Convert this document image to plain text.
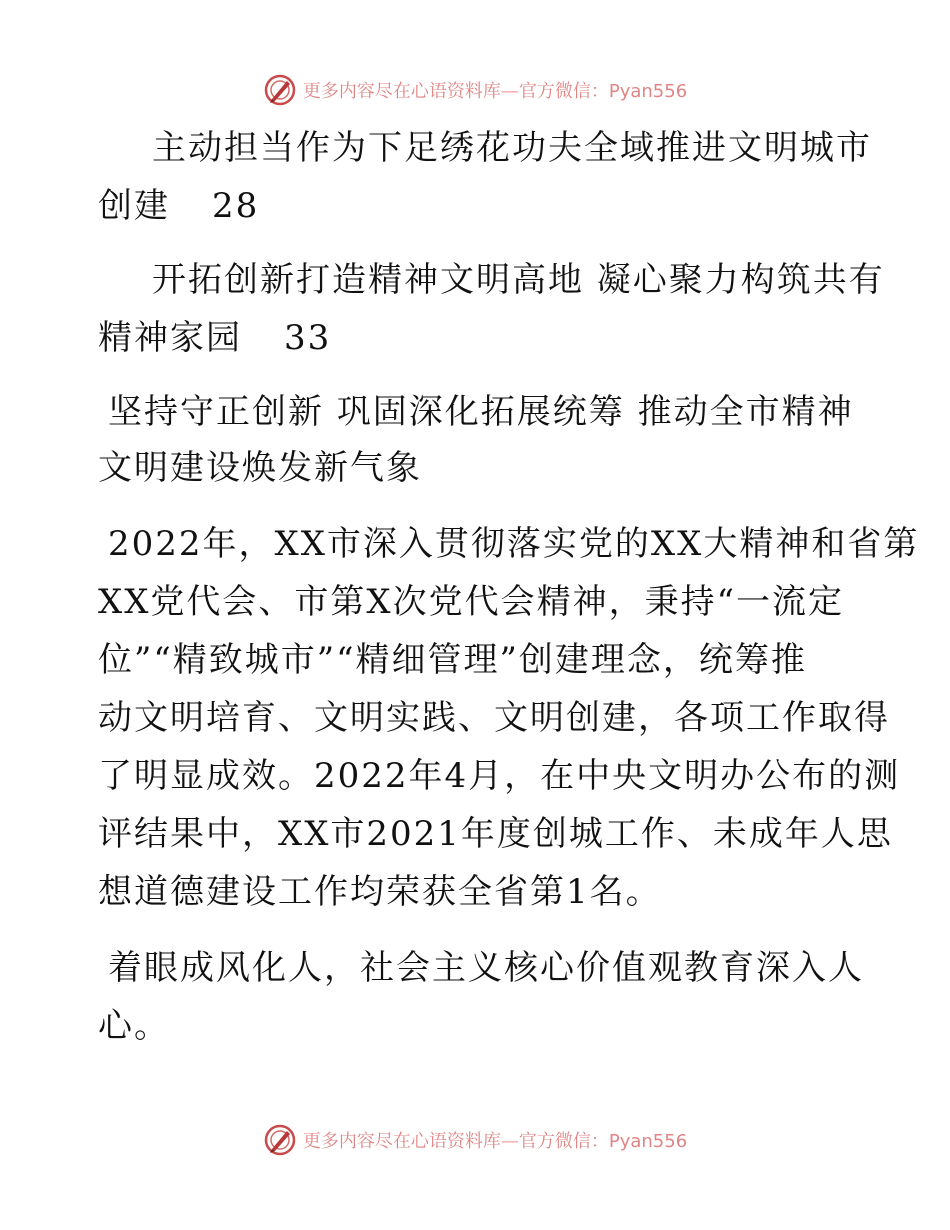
更多内容尽在心语资料库—官方微信：Pyan556
主动担当作为下足绣花功夫全域推进文明城市
创建 28
开拓创新打造精神文明高地 凝心聚力构筑共有
精神家园 33
坚持守正创新 巩固深化拓展统筹 推动全市精神
文明建设焕发新气象
2022年，XX市深入贯彻落实党的XX大精神和省第
XX党代会、市第X次党代会精神，秉持“一流定
位”“精致城市”“精细管理”创建理念，统筹推
动文明培育、文明实践、文明创建，各项工作取得
了明显成效。2022年4月，在中央文明办公布的测
评结果中，XX市2021年度创城工作、未成年人思
想道德建设工作均荣获全省第1名。
着眼成风化人，社会主义核心价值观教育深入人
心。
更多内容尽在心语资料库—官方微信：Pyan556
